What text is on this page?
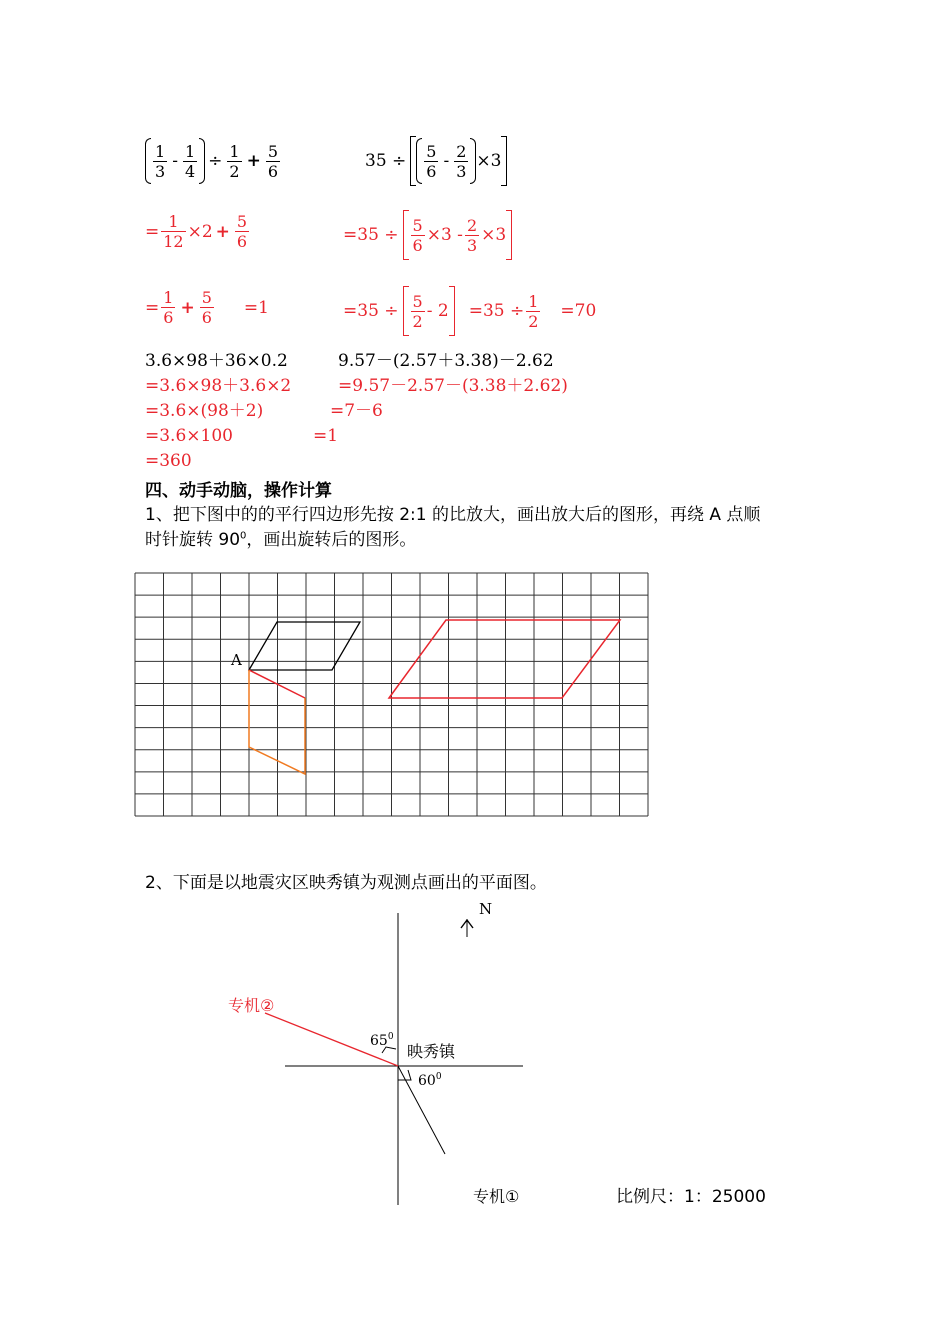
$\frac{1}{3} - \frac{1}{4} \div \frac{1}{2} + \frac{5}{6}$
= $\frac{1}{12} \times 2 + \frac{5}{6}$
= $\frac{1}{6} + \frac{5}{6} =1$
$35 \div \frac{5}{6} - \frac{2}{3} \times 3$
= $35 \div \frac{5}{6} \times 3 - \frac{2}{3} \times 3$
= $35 \div \frac{5}{2} - 2 = 35 \div \frac{1}{2} =70$
3.6×98＋36×0.2
=3.6×98＋3.6×2
=3.6×(98＋2)
=3.6×100
=360
9.57－(2.57＋3.38)－2.62
=9.57－2.57－(3.38＋2.62)
=7－6
=1
四、动手动脑，操作计算
1、把下图中的的平行四边形先按 2:1 的比放大，画出放大后的图形，再绕 A 点顺
时针旋转 $90^0$，画出旋转后的图形。
A
2、下面是以地震灾区映秀镇为观测点画出的平面图。
N
映秀镇
专机②
专机①
$65^0$
$60^0$
比例尺：1：25000
